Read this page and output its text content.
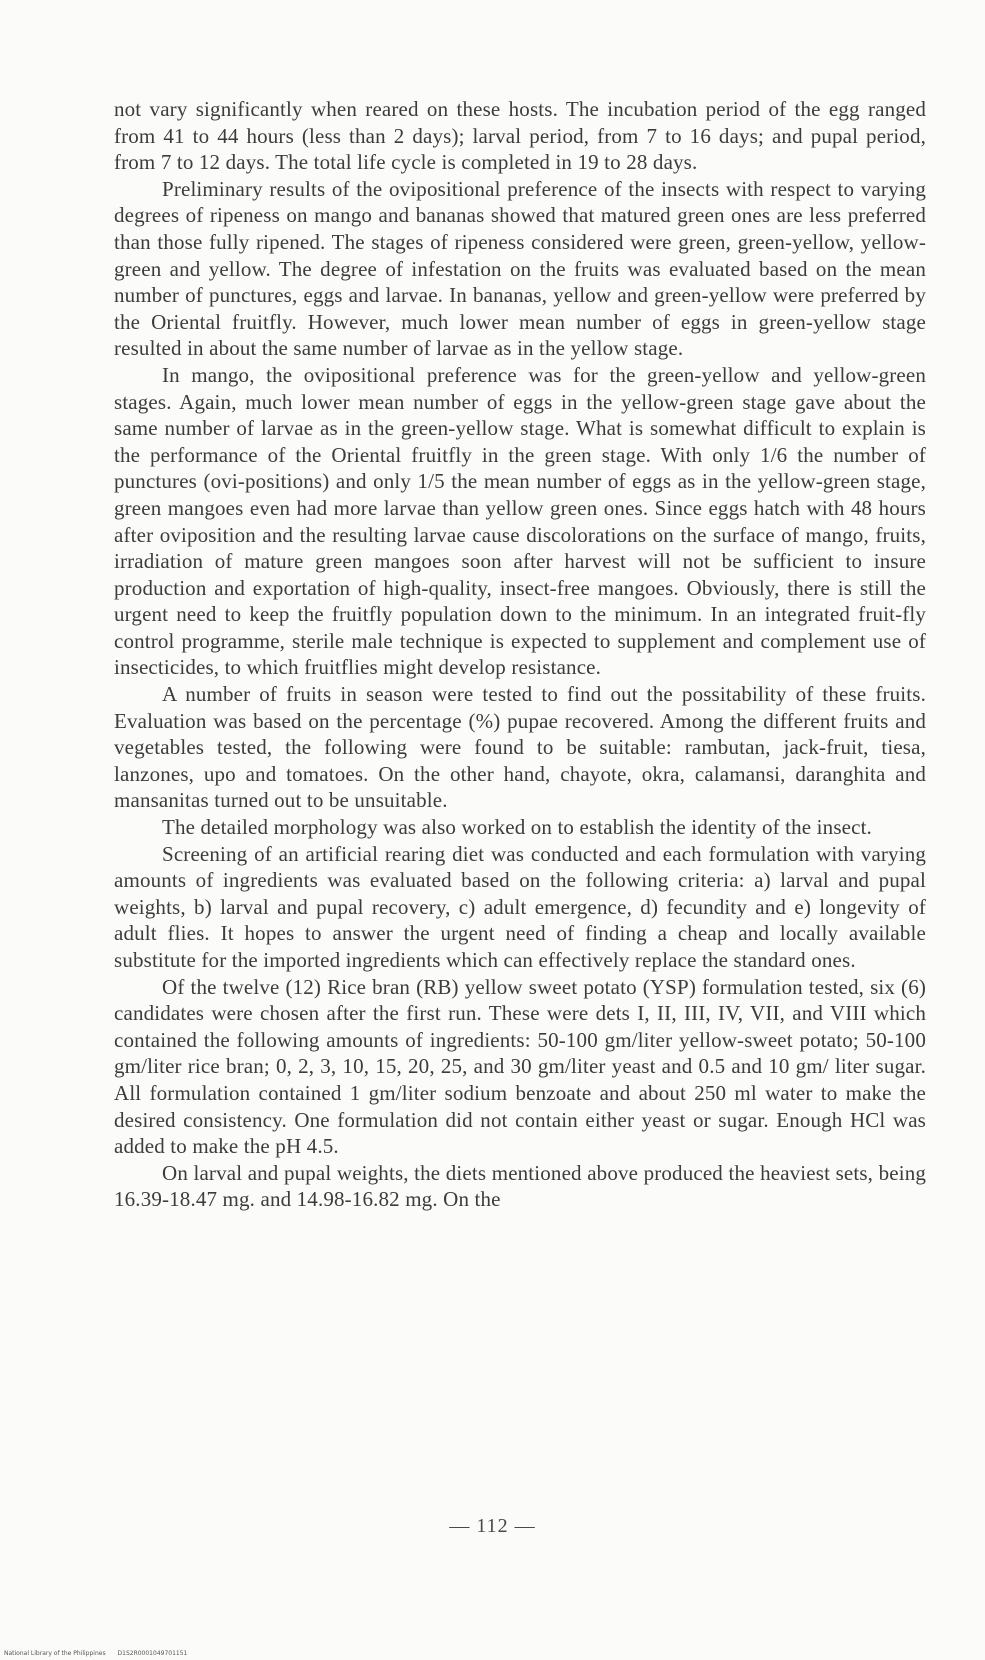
not vary significantly when reared on these hosts. The incubation period of the egg ranged from 41 to 44 hours (less than 2 days); larval period, from 7 to 16 days; and pupal period, from 7 to 12 days. The total life cycle is completed in 19 to 28 days.

Preliminary results of the ovipositional preference of the insects with respect to varying degrees of ripeness on mango and bananas showed that matured green ones are less preferred than those fully ripened. The stages of ripeness considered were green, green-yellow, yellow-green and yellow. The degree of infestation on the fruits was evaluated based on the mean number of punctures, eggs and larvae. In bananas, yellow and green-yellow were preferred by the Oriental fruitfly. However, much lower mean number of eggs in green-yellow stage resulted in about the same number of larvae as in the yellow stage.

In mango, the ovipositional preference was for the green-yellow and yellow-green stages. Again, much lower mean number of eggs in the yellow-green stage gave about the same number of larvae as in the green-yellow stage. What is somewhat difficult to explain is the performance of the Oriental fruitfly in the green stage. With only 1/6 the number of punctures (ovi-positions) and only 1/5 the mean number of eggs as in the yellow-green stage, green mangoes even had more larvae than yellow green ones. Since eggs hatch with 48 hours after oviposition and the resulting larvae cause discolorations on the surface of mango, fruits, irradiation of mature green mangoes soon after harvest will not be sufficient to insure production and exportation of high-quality, insect-free mangoes. Obviously, there is still the urgent need to keep the fruitfly population down to the minimum. In an integrated fruit-fly control programme, sterile male technique is expected to supplement and complement use of insecticides, to which fruitflies might develop resistance.

A number of fruits in season were tested to find out the possitability of these fruits. Evaluation was based on the percentage (%) pupae recovered. Among the different fruits and vegetables tested, the following were found to be suitable: rambutan, jack-fruit, tiesa, lanzones, upo and tomatoes. On the other hand, chayote, okra, calamansi, daranghita and mansanitas turned out to be unsuitable.

The detailed morphology was also worked on to establish the identity of the insect.

Screening of an artificial rearing diet was conducted and each formulation with varying amounts of ingredients was evaluated based on the following criteria: a) larval and pupal weights, b) larval and pupal recovery, c) adult emergence, d) fecundity and e) longevity of adult flies. It hopes to answer the urgent need of finding a cheap and locally available substitute for the imported ingredients which can effectively replace the standard ones.

Of the twelve (12) Rice bran (RB) yellow sweet potato (YSP) formulation tested, six (6) candidates were chosen after the first run. These were dets I, II, III, IV, VII, and VIII which contained the following amounts of ingredients: 50-100 gm/liter yellow-sweet potato; 50-100 gm/liter rice bran; 0, 2, 3, 10, 15, 20, 25, and 30 gm/liter yeast and 0.5 and 10 gm/ liter sugar. All formulation contained 1 gm/liter sodium benzoate and about 250 ml water to make the desired consistency. One formulation did not contain either yeast or sugar. Enough HCl was added to make the pH 4.5.

On larval and pupal weights, the diets mentioned above produced the heaviest sets, being 16.39-18.47 mg. and 14.98-16.82 mg. On the

— 112 —
National Library of the Philippines D1S2R0001049701151
